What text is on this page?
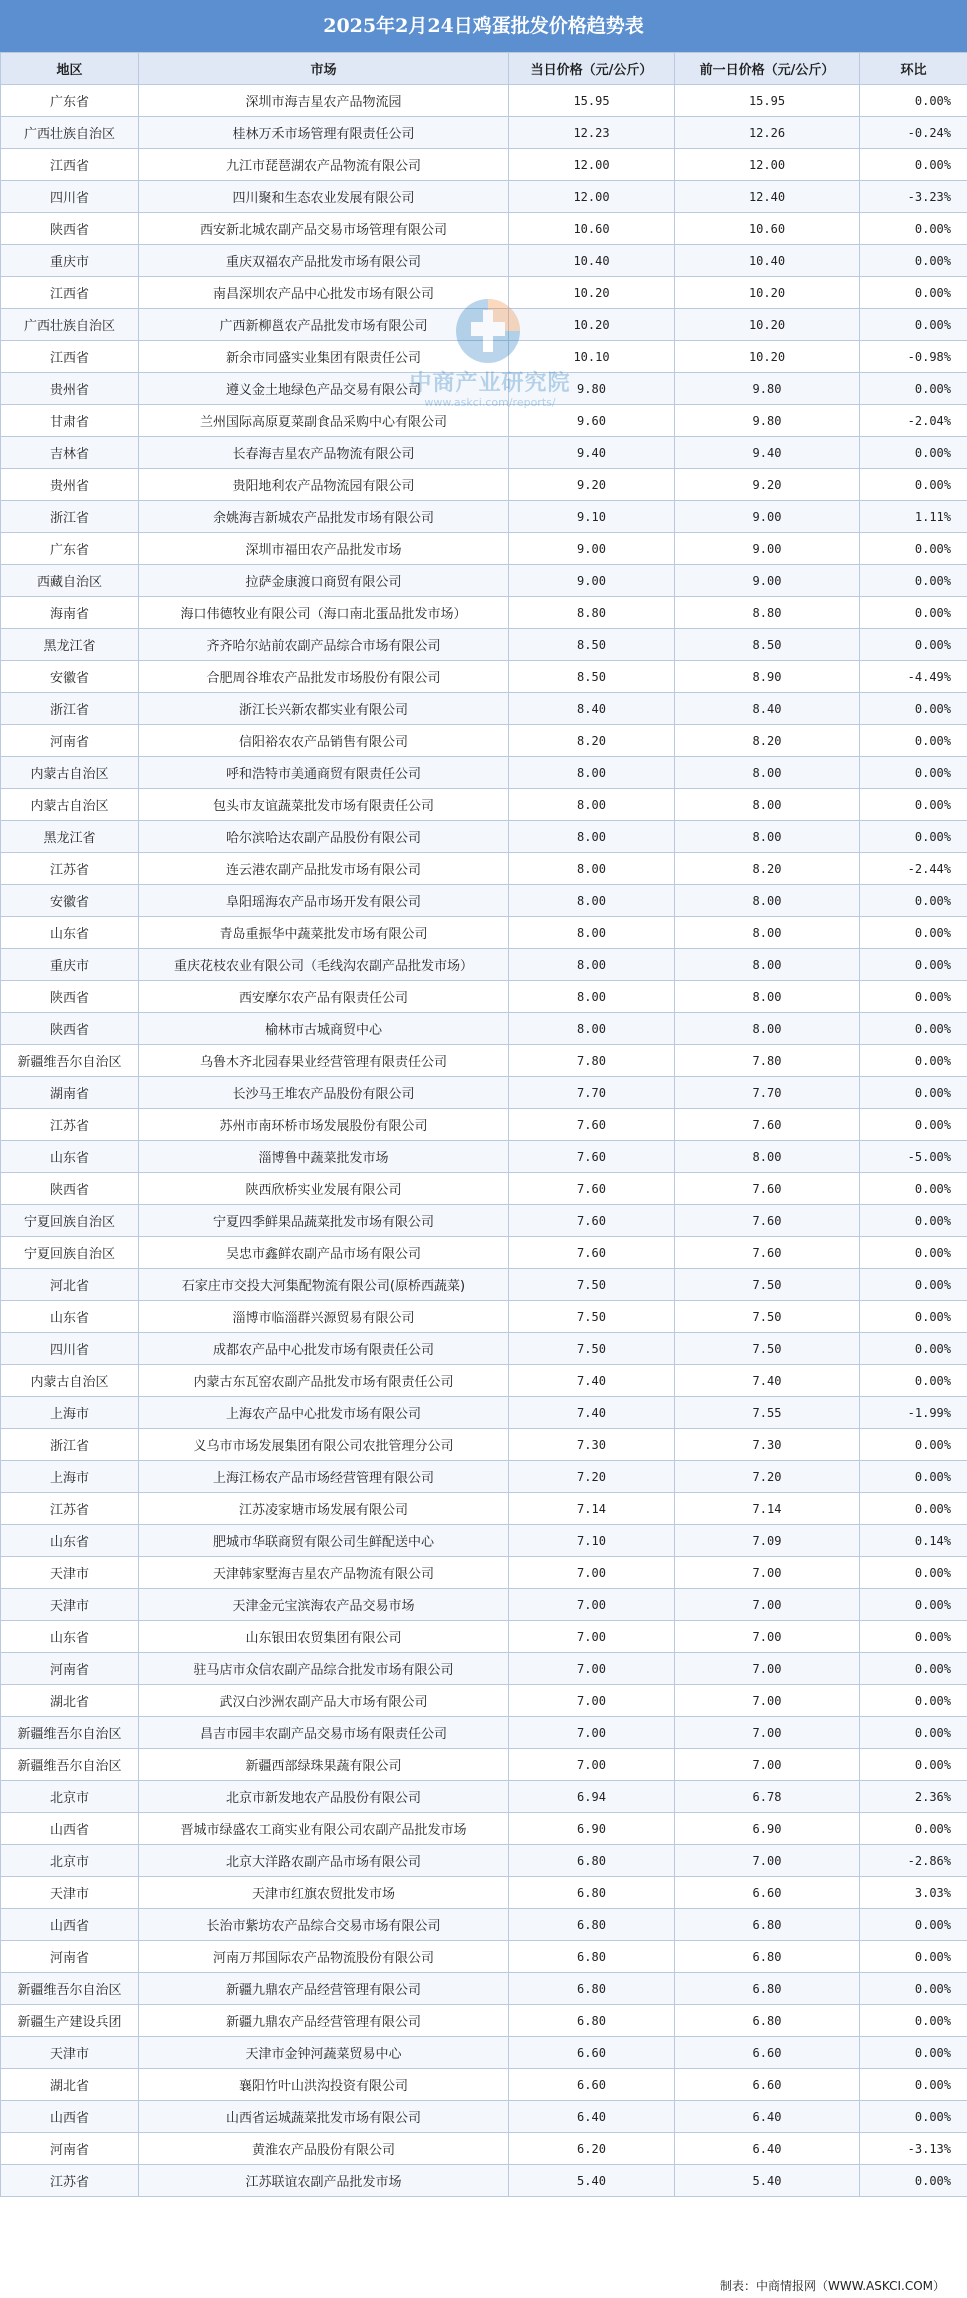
2025年2月24日鸡蛋批发价格趋势表
地区	市场	当日价格（元/公斤）	前一日价格（元/公斤）	环比
广东省	深圳市海吉星农产品物流园	15.95	15.95	0.00%
广西壮族自治区	桂林万禾市场管理有限责任公司	12.23	12.26	-0.24%
江西省	九江市琵琶湖农产品物流有限公司	12.00	12.00	0.00%
四川省	四川聚和生态农业发展有限公司	12.00	12.40	-3.23%
陕西省	西安新北城农副产品交易市场管理有限公司	10.60	10.60	0.00%
重庆市	重庆双福农产品批发市场有限公司	10.40	10.40	0.00%
江西省	南昌深圳农产品中心批发市场有限公司	10.20	10.20	0.00%
广西壮族自治区	广西新柳邕农产品批发市场有限公司	10.20	10.20	0.00%
江西省	新余市同盛实业集团有限责任公司	10.10	10.20	-0.98%
贵州省	遵义金土地绿色产品交易有限公司	9.80	9.80	0.00%
甘肃省	兰州国际高原夏菜副食品采购中心有限公司	9.60	9.80	-2.04%
吉林省	长春海吉星农产品物流有限公司	9.40	9.40	0.00%
贵州省	贵阳地利农产品物流园有限公司	9.20	9.20	0.00%
浙江省	余姚海吉新城农产品批发市场有限公司	9.10	9.00	1.11%
广东省	深圳市福田农产品批发市场	9.00	9.00	0.00%
西藏自治区	拉萨金康渡口商贸有限公司	9.00	9.00	0.00%
海南省	海口伟德牧业有限公司（海口南北蛋品批发市场）	8.80	8.80	0.00%
黑龙江省	齐齐哈尔站前农副产品综合市场有限公司	8.50	8.50	0.00%
安徽省	合肥周谷堆农产品批发市场股份有限公司	8.50	8.90	-4.49%
浙江省	浙江长兴新农都实业有限公司	8.40	8.40	0.00%
河南省	信阳裕农农产品销售有限公司	8.20	8.20	0.00%
内蒙古自治区	呼和浩特市美通商贸有限责任公司	8.00	8.00	0.00%
内蒙古自治区	包头市友谊蔬菜批发市场有限责任公司	8.00	8.00	0.00%
黑龙江省	哈尔滨哈达农副产品股份有限公司	8.00	8.00	0.00%
江苏省	连云港农副产品批发市场有限公司	8.00	8.20	-2.44%
安徽省	阜阳瑶海农产品市场开发有限公司	8.00	8.00	0.00%
山东省	青岛重振华中蔬菜批发市场有限公司	8.00	8.00	0.00%
重庆市	重庆花枝农业有限公司（毛线沟农副产品批发市场）	8.00	8.00	0.00%
陕西省	西安摩尔农产品有限责任公司	8.00	8.00	0.00%
陕西省	榆林市古城商贸中心	8.00	8.00	0.00%
新疆维吾尔自治区	乌鲁木齐北园春果业经营管理有限责任公司	7.80	7.80	0.00%
湖南省	长沙马王堆农产品股份有限公司	7.70	7.70	0.00%
江苏省	苏州市南环桥市场发展股份有限公司	7.60	7.60	0.00%
山东省	淄博鲁中蔬菜批发市场	7.60	8.00	-5.00%
陕西省	陕西欣桥实业发展有限公司	7.60	7.60	0.00%
宁夏回族自治区	宁夏四季鲜果品蔬菜批发市场有限公司	7.60	7.60	0.00%
宁夏回族自治区	吴忠市鑫鲜农副产品市场有限公司	7.60	7.60	0.00%
河北省	石家庄市交投大河集配物流有限公司(原桥西蔬菜)	7.50	7.50	0.00%
山东省	淄博市临淄群兴源贸易有限公司	7.50	7.50	0.00%
四川省	成都农产品中心批发市场有限责任公司	7.50	7.50	0.00%
内蒙古自治区	内蒙古东瓦窑农副产品批发市场有限责任公司	7.40	7.40	0.00%
上海市	上海农产品中心批发市场有限公司	7.40	7.55	-1.99%
浙江省	义乌市市场发展集团有限公司农批管理分公司	7.30	7.30	0.00%
上海市	上海江杨农产品市场经营管理有限公司	7.20	7.20	0.00%
江苏省	江苏凌家塘市场发展有限公司	7.14	7.14	0.00%
山东省	肥城市华联商贸有限公司生鲜配送中心	7.10	7.09	0.14%
天津市	天津韩家墅海吉星农产品物流有限公司	7.00	7.00	0.00%
天津市	天津金元宝滨海农产品交易市场	7.00	7.00	0.00%
山东省	山东银田农贸集团有限公司	7.00	7.00	0.00%
河南省	驻马店市众信农副产品综合批发市场有限公司	7.00	7.00	0.00%
湖北省	武汉白沙洲农副产品大市场有限公司	7.00	7.00	0.00%
新疆维吾尔自治区	昌吉市园丰农副产品交易市场有限责任公司	7.00	7.00	0.00%
新疆维吾尔自治区	新疆西部绿珠果蔬有限公司	7.00	7.00	0.00%
北京市	北京市新发地农产品股份有限公司	6.94	6.78	2.36%
山西省	晋城市绿盛农工商实业有限公司农副产品批发市场	6.90	6.90	0.00%
北京市	北京大洋路农副产品市场有限公司	6.80	7.00	-2.86%
天津市	天津市红旗农贸批发市场	6.80	6.60	3.03%
山西省	长治市紫坊农产品综合交易市场有限公司	6.80	6.80	0.00%
河南省	河南万邦国际农产品物流股份有限公司	6.80	6.80	0.00%
新疆维吾尔自治区	新疆九鼎农产品经营管理有限公司	6.80	6.80	0.00%
新疆生产建设兵团	新疆九鼎农产品经营管理有限公司	6.80	6.80	0.00%
天津市	天津市金钟河蔬菜贸易中心	6.60	6.60	0.00%
湖北省	襄阳竹叶山洪沟投资有限公司	6.60	6.60	0.00%
山西省	山西省运城蔬菜批发市场有限公司	6.40	6.40	0.00%
河南省	黄淮农产品股份有限公司	6.20	6.40	-3.13%
江苏省	江苏联谊农副产品批发市场	5.40	5.40	0.00%
中商产业研究院
www.askci.com/reports/
制表：中商情报网（WWW.ASKCI.COM）
